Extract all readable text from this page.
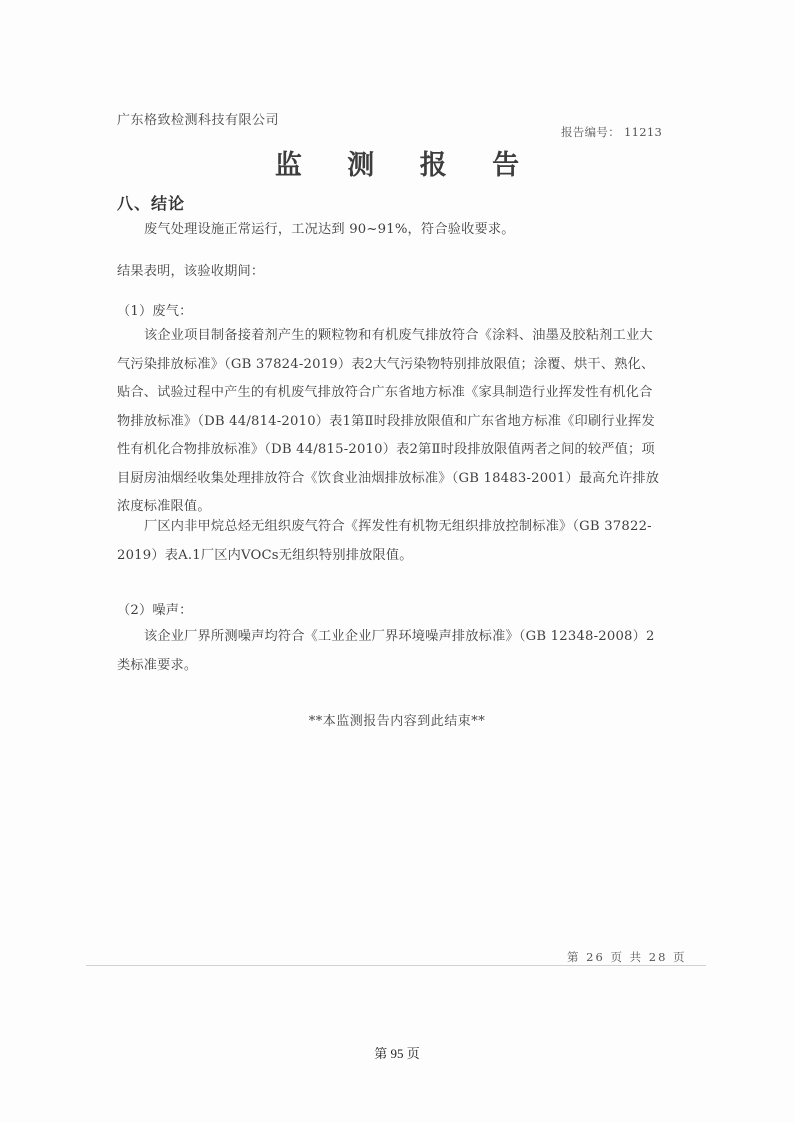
广东格致检测科技有限公司
报告编号： 11213
监 测 报 告
八、结论
废气处理设施正常运行，工况达到 90~91%，符合验收要求。
结果表明，该验收期间：
（1）废气：
该企业项目制备接着剂产生的颗粒物和有机废气排放符合《涂料、油墨及胶粘剂工业大气污染排放标准》（GB 37824-2019）表2大气污染物特别排放限值；涂覆、烘干、熟化、贴合、试验过程中产生的有机废气排放符合广东省地方标准《家具制造行业挥发性有机化合物排放标准》（DB 44/814-2010）表1第Ⅱ时段排放限值和广东省地方标准《印刷行业挥发性有机化合物排放标准》（DB 44/815-2010）表2第Ⅱ时段排放限值两者之间的较严值；项目厨房油烟经收集处理排放符合《饮食业油烟排放标准》（GB 18483-2001）最高允许排放浓度标准限值。
厂区内非甲烷总烃无组织废气符合《挥发性有机物无组织排放控制标准》（GB 37822-2019）表A.1厂区内VOCs无组织特别排放限值。
（2）噪声：
该企业厂界所测噪声均符合《工业企业厂界环境噪声排放标准》（GB 12348-2008）2类标准要求。
**本监测报告内容到此结束**
第 26 页 共 28 页
第 95 页
